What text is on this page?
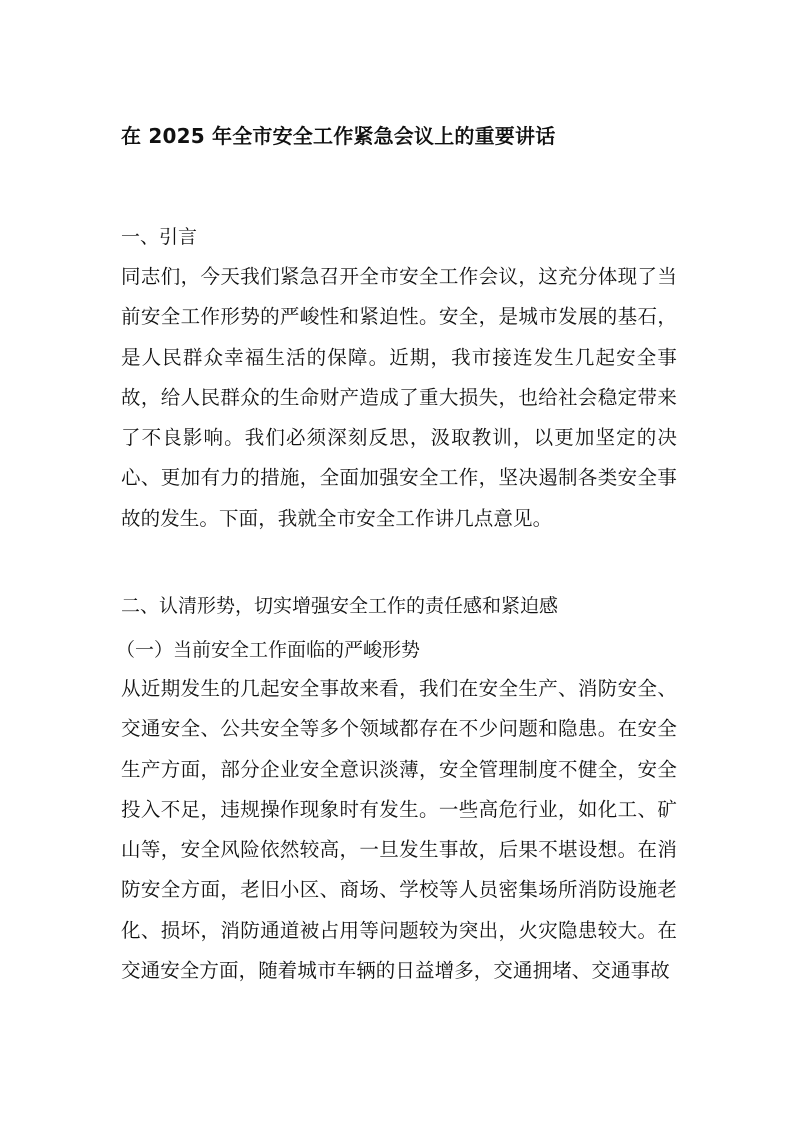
在 2025 年全市安全工作紧急会议上的重要讲话
一、引言
同志们，今天我们紧急召开全市安全工作会议，这充分体现了当前安全工作形势的严峻性和紧迫性。安全，是城市发展的基石，是人民群众幸福生活的保障。近期，我市接连发生几起安全事故，给人民群众的生命财产造成了重大损失，也给社会稳定带来了不良影响。我们必须深刻反思，汲取教训，以更加坚定的决心、更加有力的措施，全面加强安全工作，坚决遏制各类安全事故的发生。下面，我就全市安全工作讲几点意见。
二、认清形势，切实增强安全工作的责任感和紧迫感
（一）当前安全工作面临的严峻形势
从近期发生的几起安全事故来看，我们在安全生产、消防安全、交通安全、公共安全等多个领域都存在不少问题和隐患。在安全生产方面，部分企业安全意识淡薄，安全管理制度不健全，安全投入不足，违规操作现象时有发生。一些高危行业，如化工、矿山等，安全风险依然较高，一旦发生事故，后果不堪设想。在消防安全方面，老旧小区、商场、学校等人员密集场所消防设施老化、损坏，消防通道被占用等问题较为突出，火灾隐患较大。在交通安全方面，随着城市车辆的日益增多，交通拥堵、交通事故
